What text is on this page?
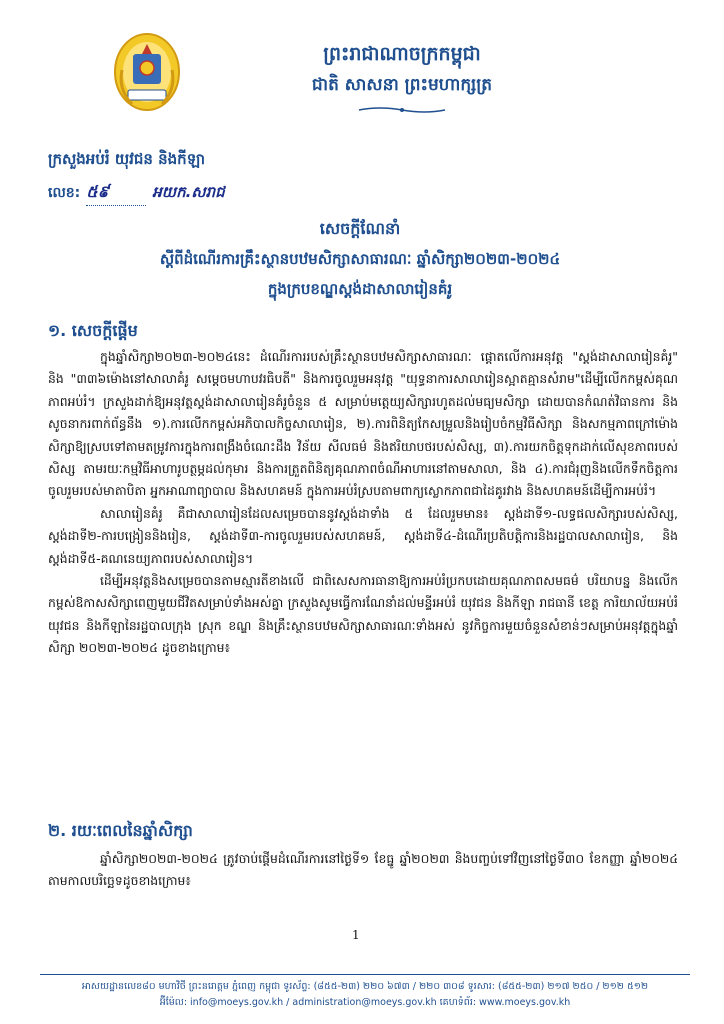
ព្រះរាជាណាចក្រកម្ពុជា
ជាតិ សាសនា ព្រះមហាក្សត្រ
ក្រសួងអប់រំ យុវជន និងកីឡា
លេខ: ៥៩	អយក.សរាជ
សេចក្តីណែនាំ
ស្តីពីដំណើរការគ្រឹះស្ថានបឋមសិក្សាសាធារណៈ ឆ្នាំសិក្សា២០២៣-២០២៤
ក្នុងក្របខណ្ឌស្តង់ដាសាលារៀនគំរូ
១. សេចក្តីផ្តើម

ក្នុងឆ្នាំសិក្សា២០២៣-២០២៤នេះ ដំណើរការរបស់គ្រឹះស្ថានបឋមសិក្សាសាធារណៈ ផ្តោតលើការអនុវត្ត "ស្តង់ដាសាលារៀនគំរូ" និង "៣៣៦ម៉ោងនៅសាលាគំរូ សម្តេចមហាបវរធិបតី" និងការចូលរួមអនុវត្ត "យុទ្ធនាការសាលារៀនស្អាតគ្មានសំរាម"ដើម្បីលើកកម្ពស់គុណភាពអប់រំ។ ក្រសួងដាក់ឱ្យអនុវត្តស្តង់ដាសាលារៀនគំរូចំនួន ៥ សម្រាប់មត្តេយ្យសិក្សារហូតដល់មធ្យមសិក្សា ដោយបានកំណត់វិធានការ និងសូចនាករពាក់ព័ន្ធនឹង ១).ការលើកកម្ពស់អភិបាលកិច្ចសាលារៀន, ២).ការពិនិត្យកែសម្រួលនិងរៀបចំកម្មវិធីសិក្សា និងសកម្មភាពក្រៅម៉ោងសិក្សាឱ្យស្របទៅតាមតម្រូវការក្នុងការពង្រឹងចំណេះដឹង វិន័យ សីលធម៌ និងឥរិយាបថរបស់សិស្ស, ៣).ការយកចិត្តទុកដាក់លើសុខភាពរបស់សិស្ស តាមរយៈកម្មវិធីអាហារូបត្ថម្ភដល់កុមារ និងការត្រួតពិនិត្យគុណភាពចំណីអាហារនៅតាមសាលា, និង ៤).ការជំរុញនិងលើកទឹកចិត្តការចូលរួមរបស់មាតាបិតា អ្នកអាណាព្យាបាល និងសហគមន៍ ក្នុងការអប់រំស្របតាមពាក្យស្លោកភាពជាដៃគូរវាង និងសហគមន៍ដើម្បីការអប់រំ។

សាលារៀនគំរូ គឺជាសាលារៀនដែលសម្រេចបាននូវស្តង់ដាទាំង ៥ ដែលរួមមាន៖ ស្តង់ដាទី១-លទ្ធផលសិក្សារបស់សិស្ស, ស្តង់ដាទី២-ការបង្រៀននិងរៀន, ស្តង់ដាទី៣-ការចូលរួមរបស់សហគមន៍, ស្តង់ដាទី៤-ដំណើរប្រតិបត្តិការនិងរដ្ឋបាលសាលារៀន, និងស្តង់ដាទី៥-គណនេយ្យភាពរបស់សាលារៀន។

ដើម្បីអនុវត្តនិងសម្រេចបានតាមស្មារតីខាងលើ ជាពិសេសការធានាឱ្យការអប់រំប្រកបដោយគុណភាពសមធម៌ បរិយាបន្ន និងលើកកម្ពស់ឱកាសសិក្សាពេញមួយជីវិតសម្រាប់ទាំងអស់គ្នា ក្រសួងសូមធ្វើការណែនាំដល់មន្ទីរអប់រំ យុវជន និងកីឡា រាជធានី ខេត្ត ការិយាល័យអប់រំ យុវជន និងកីឡានៃរដ្ឋបាលក្រុង ស្រុក ខណ្ឌ និងគ្រឹះស្ថានបឋមសិក្សាសាធារណៈទាំងអស់ នូវកិច្ចការមួយចំនួនសំខាន់ៗសម្រាប់អនុវត្តក្នុងឆ្នាំសិក្សា ២០២៣-២០២៤ ដូចខាងក្រោម៖

២. រយៈពេលនៃឆ្នាំសិក្សា

ឆ្នាំសិក្សា២០២៣-២០២៤ ត្រូវចាប់ផ្តើមដំណើរការនៅថ្ងៃទី១ ខែធ្នូ ឆ្នាំ២០២៣ និងបញ្ចប់ទៅវិញនៅថ្ងៃទី៣០ ខែកញ្ញា ឆ្នាំ២០២៤ តាមកាលបរិច្ឆេទដូចខាងក្រោម៖

1
អាសយដ្ឋានលេខ៨០ មហាវិថី ព្រះនរោត្តម ភ្នំពេញ កម្ពុជា ទូរស័ព្ទ: (៨៥៥-២៣) ២២០ ៦៧៣ / ២២០ ៣០៨ ទូរសារ: (៨៥៥-២៣) ២១៧ ២៥០ / ២១២ ៥១២
អ៊ីម៉ែល: info@moeys.gov.kh / administration@moeys.gov.kh គេហទំព័រ: www.moeys.gov.kh
